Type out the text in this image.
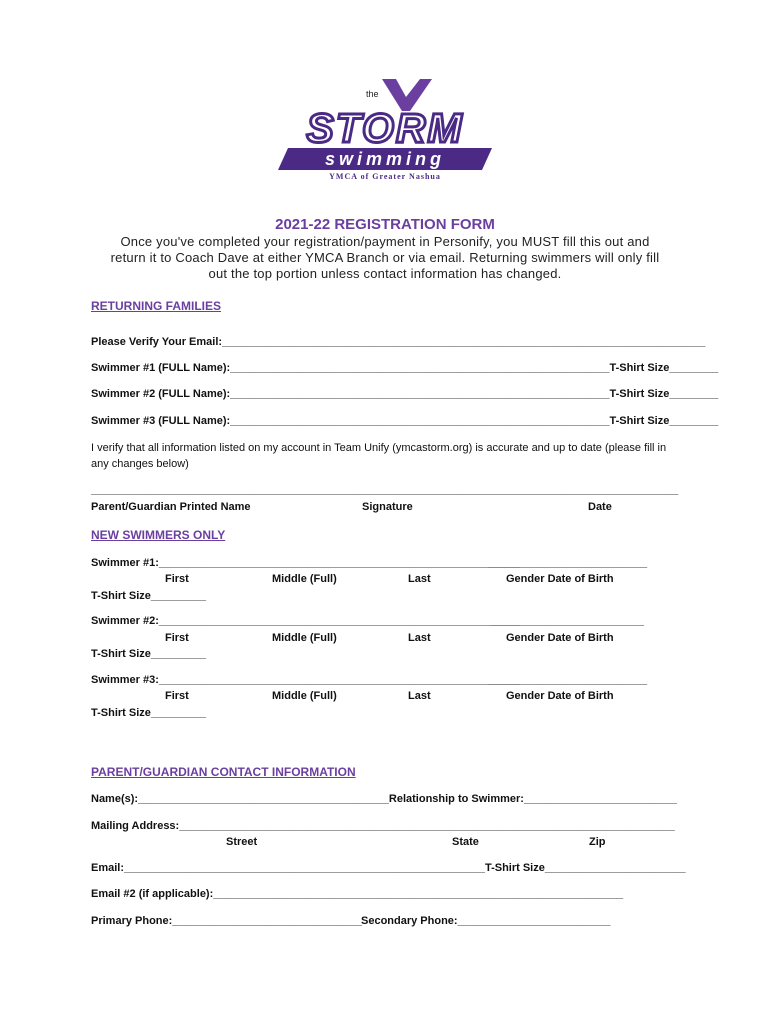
the
STORM
swimming
YMCA of Greater Nashua
2021-22 REGISTRATION FORM
Once you've completed your registration/payment in Personify, you MUST fill this out and
return it to Coach Dave at either YMCA Branch or via email. Returning swimmers will only fill
out the top portion unless contact information has changed.
RETURNING FAMILIES
Please Verify Your Email:_______________________________________________________________________________
Swimmer #1 (FULL Name):______________________________________________________________T-Shirt Size________
Swimmer #2 (FULL Name):______________________________________________________________T-Shirt Size________
Swimmer #3 (FULL Name):______________________________________________________________T-Shirt Size________
I verify that all information listed on my account in Team Unify (ymcastorm.org) is accurate and up to date (please fill in
any changes below)
________________________________________________________________________________________________
Parent/Guardian Printed Name	Signature	Date
NEW SWIMMERS ONLY
Swimmer #1:___________________________________________________________
__________________________
First	Middle (Full)	Last	Gender Date of Birth
T-Shirt Size_________
Swimmer #2:___________________________________________________________
_________________________
First	Middle (Full)	Last	Gender Date of Birth
T-Shirt Size_________
Swimmer #3:___________________________________________________________
__________________________
First	Middle (Full)	Last	Gender Date of Birth
T-Shirt Size_________
PARENT/GUARDIAN CONTACT INFORMATION
Name(s):_________________________________________Relationship to Swimmer:_________________________
Mailing Address:_________________________________________________________________________________
Street	State	Zip
Email:___________________________________________________________T-Shirt Size_______________________
Email #2 (if applicable):___________________________________________________________________
Primary Phone:_______________________________ Secondary Phone:_________________________
